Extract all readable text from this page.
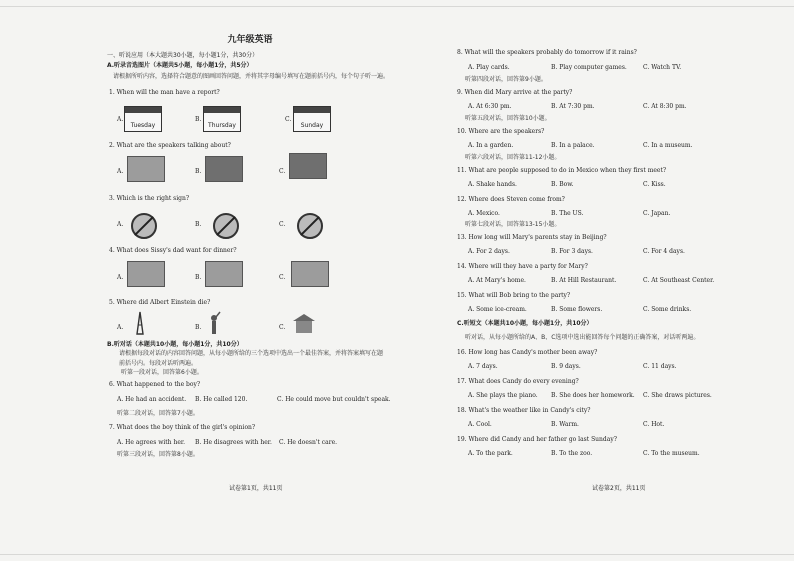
九年级英语
一、听说应用（本大题共30小题，每小题1分，共30分）
A.听录音选图片（本题共5小题，每小题1分，共5分）
请根据所听内容，选择符合题意的图画回答问题，并将其字母编号填写在题前括号内，每个句子听一遍。
1. When will the man have a report?
A.
Tuesday
B.
Thursday
C.
Sunday
2. What are the speakers talking about?
A.	B.	C.
3. Which is the right sign?
A.	B.	C.
4. What does Sissy's dad want for dinner?
A.	B.	C.
5. Where did Albert Einstein die?
A.	B.	C.
B.听对话（本题共10小题，每小题1分，共10分）
请根据每段对话的内容回答问题，从每小题所给的三个选项中选出一个最佳答案，并将答案填写在题
前括号内。每段对话听两遍。
听第一段对话，回答第6小题。
6. What happened to the boy?
A. He had an accident. B. He called 120.	C. He could move but couldn't speak.
听第二段对话，回答第7小题。
7. What does the boy think of the girl's opinion?
A. He agrees with her. B. He disagrees with her. C. He doesn't care.
听第三段对话，回答第8小题。
试卷第1页，共11页
8. What will the speakers probably do tomorrow if it rains?
A. Play cards.	B. Play computer games.	C. Watch TV.
听第四段对话，回答第9小题。
9. When did Mary arrive at the party?
A. At 6:30 pm.	B. At 7:30 pm.	C. At 8:30 pm.
听第五段对话，回答第10小题。
10. Where are the speakers?
A. In a garden.	B. In a palace.	C. In a museum.
听第六段对话，回答第11-12小题。
11. What are people supposed to do in Mexico when they first meet?
A. Shake hands.	B. Bow.	C. Kiss.
12. Where does Steven come from?
A. Mexico.	B. The US.	C. Japan.
听第七段对话，回答第13-15小题。
13. How long will Mary's parents stay in Beijing?
A. For 2 days.	B. For 3 days.	C. For 4 days.
14. Where will they have a party for Mary?
A. At Mary's home.	B. At Hill Restaurant.	C. At Southeast Center.
15. What will Bob bring to the party?
A. Some ice-cream.	B. Some flowers.	C. Some drinks.
C.听短文（本题共10小题，每小题1分，共10分）
听对话，从每小题所给的A、B、C选项中选出能回答每个问题的正确答案，对话听两遍。
16. How long has Candy's mother been away?
A. 7 days.	B. 9 days.	C. 11 days.
17. What does Candy do every evening?
A. She plays the piano. B. She does her homework. C. She draws pictures.
18. What's the weather like in Candy's city?
A. Cool.	B. Warm.	C. Hot.
19. Where did Candy and her father go last Sunday?
A. To the park.	B. To the zoo.	C. To the museum.
试卷第2页，共11页
